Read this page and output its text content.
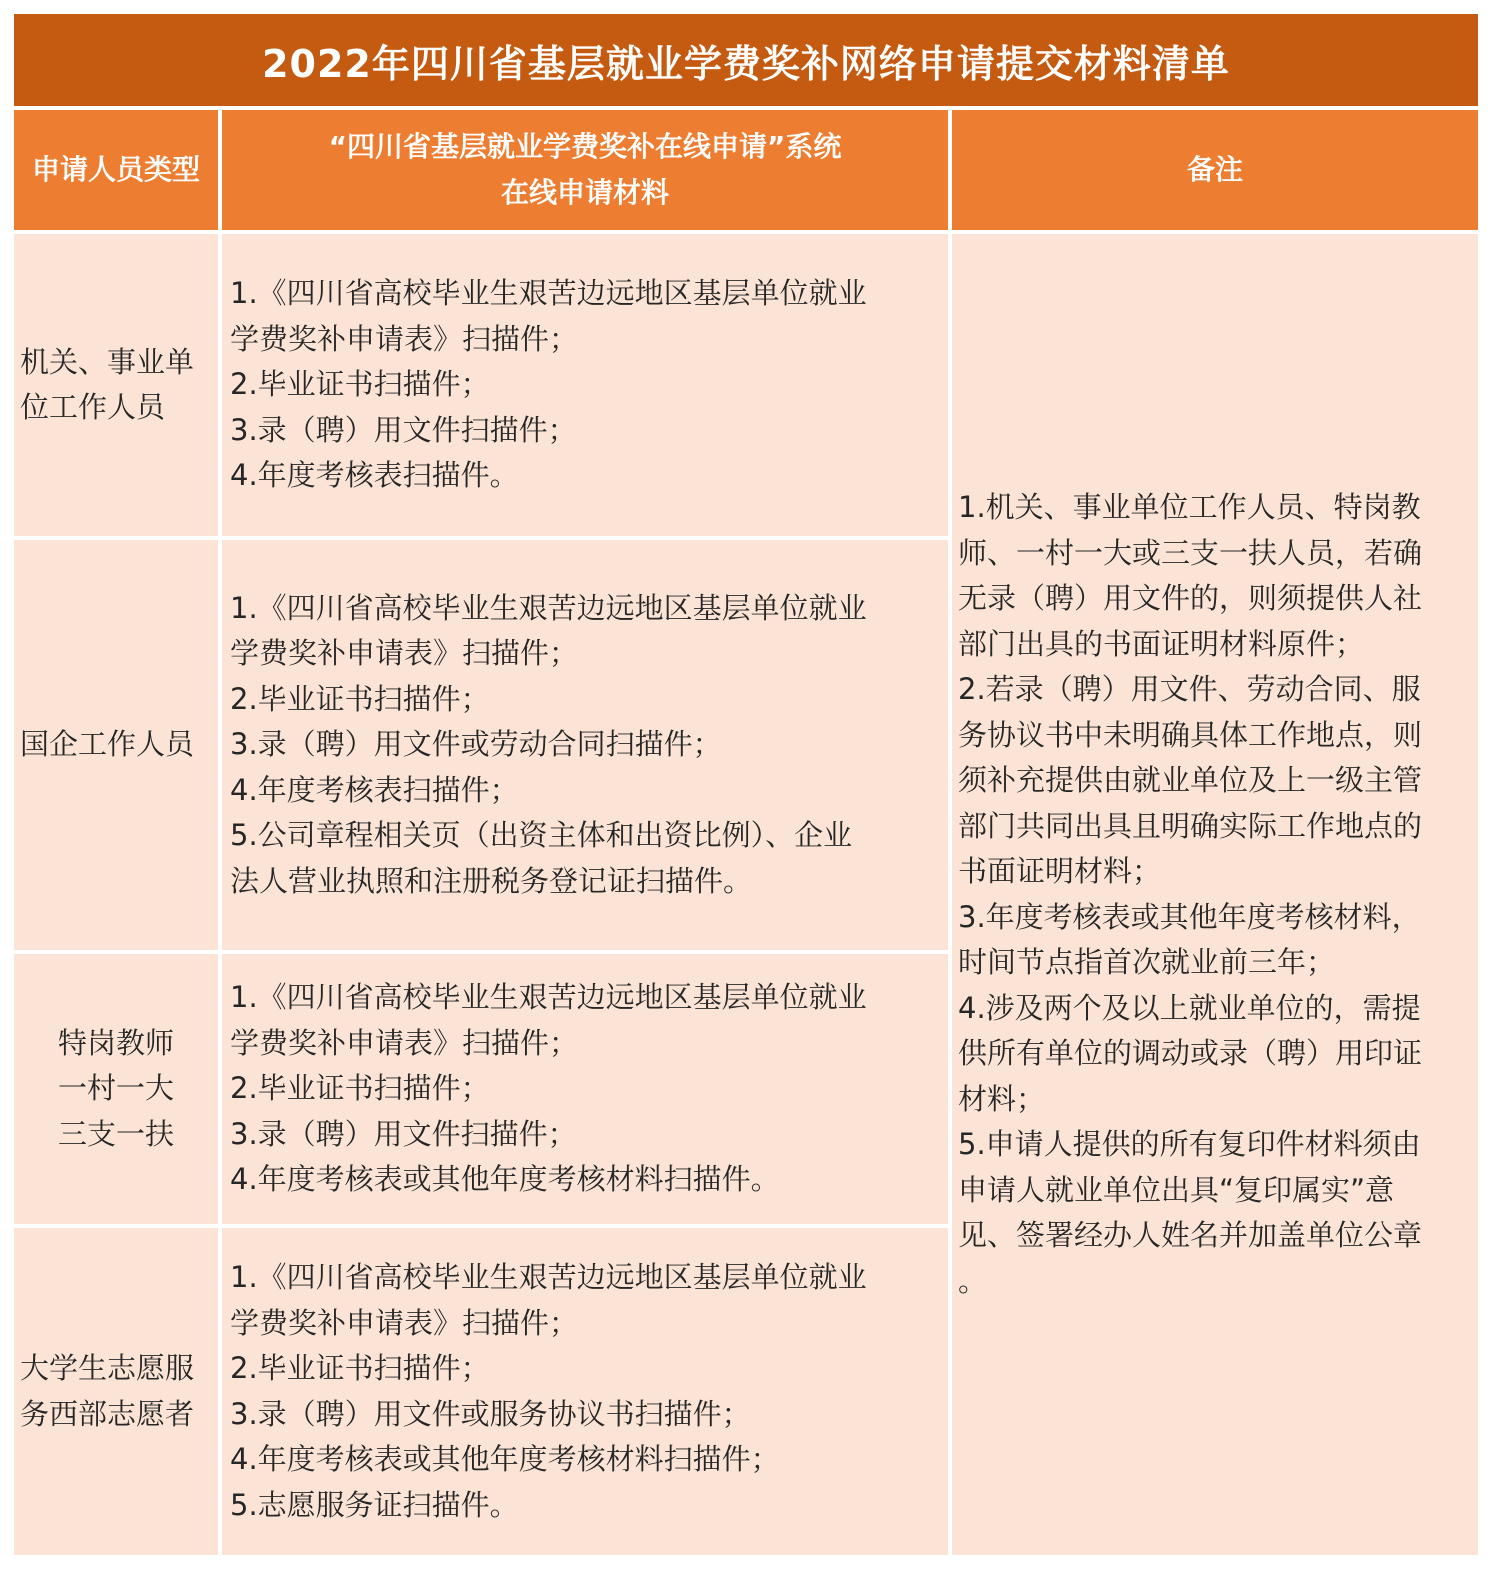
2022年四川省基层就业学费奖补网络申请提交材料清单
申请人员类型
“四川省基层就业学费奖补在线申请”系统
在线申请材料
备注
机关、事业单
位工作人员
1.《四川省高校毕业生艰苦边远地区基层单位就业
学费奖补申请表》扫描件；
2.毕业证书扫描件；
3.录（聘）用文件扫描件；
4.年度考核表扫描件。
国企工作人员
1.《四川省高校毕业生艰苦边远地区基层单位就业
学费奖补申请表》扫描件；
2.毕业证书扫描件；
3.录（聘）用文件或劳动合同扫描件；
4.年度考核表扫描件；
5.公司章程相关页（出资主体和出资比例）、企业
法人营业执照和注册税务登记证扫描件。
特岗教师
一村一大
三支一扶
1.《四川省高校毕业生艰苦边远地区基层单位就业
学费奖补申请表》扫描件；
2.毕业证书扫描件；
3.录（聘）用文件扫描件；
4.年度考核表或其他年度考核材料扫描件。
大学生志愿服
务西部志愿者
1.《四川省高校毕业生艰苦边远地区基层单位就业
学费奖补申请表》扫描件；
2.毕业证书扫描件；
3.录（聘）用文件或服务协议书扫描件；
4.年度考核表或其他年度考核材料扫描件；
5.志愿服务证扫描件。
1.机关、事业单位工作人员、特岗教
师、一村一大或三支一扶人员，若确
无录（聘）用文件的，则须提供人社
部门出具的书面证明材料原件；
2.若录（聘）用文件、劳动合同、服
务协议书中未明确具体工作地点，则
须补充提供由就业单位及上一级主管
部门共同出具且明确实际工作地点的
书面证明材料；
3.年度考核表或其他年度考核材料，
时间节点指首次就业前三年；
4.涉及两个及以上就业单位的，需提
供所有单位的调动或录（聘）用印证
材料；
5.申请人提供的所有复印件材料须由
申请人就业单位出具“复印属实”意
见、签署经办人姓名并加盖单位公章
。
